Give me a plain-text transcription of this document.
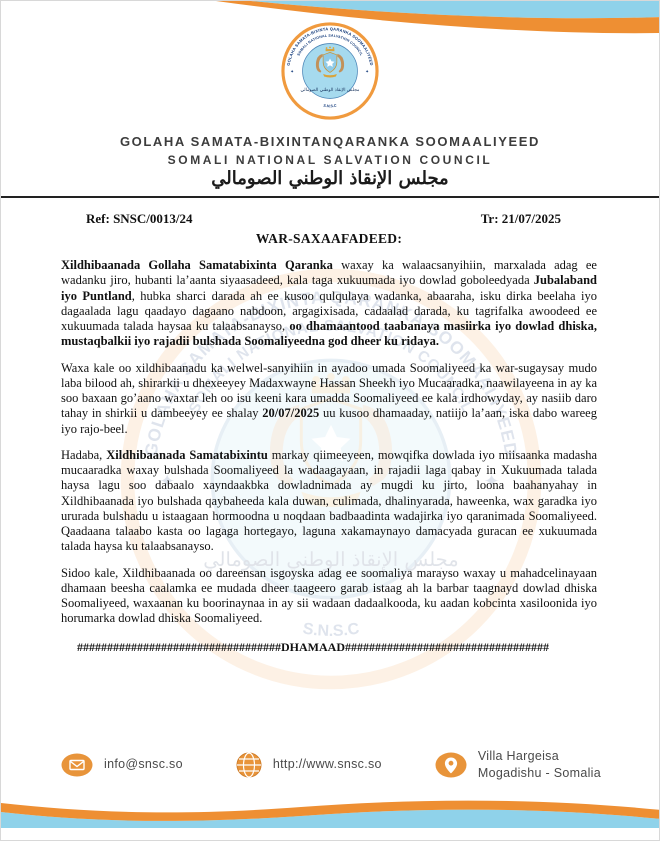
GOLAHA SAMATA-BIXINTANQARANKA SOOMAALIYEED
SOMALI NATIONAL SALVATION COUNCIL
مجلس الإنقاذ الوطني الصومالي
Ref: SNSC/0013/24	Tr: 21/07/2025
WAR-SAXAAFADEED:

Xildhibaanada Gollaha Samatabixinta Qaranka waxay ka walaacsanyihiin, marxalada adag ee wadanku jiro, hubanti la’aanta siyaasadeed, kala taga xukuumada iyo dowlad goboleedyada Jubalaband iyo Puntland, hubka sharci darada ah ee kusoo qulqulaya wadanka, abaaraha, isku dirka beelaha iyo dagaalada lagu qaadayo dagaano nabdoon, argagixisada, cadaalad darada, ku tagrifalka awoodeed ee xukuumada talada haysaa ku talaabsanayso, oo dhamaantood taabanaya masiirka iyo dowlad dhiska, mustaqbalkii iyo rajadii bulshada Soomaliyeedna god dheer ku ridaya.

Waxa kale oo xildhibaanadu ka welwel-sanyihiin in ayadoo umada Soomaliyeed ka war-sugaysay mudo laba bilood ah, shirarkii u dhexeeyey Madaxwayne Hassan Sheekh iyo Mucaaradka, naawilayeena in ay ka soo baxaan go’aano waxtar leh oo isu keeni kara umadda Soomaliyeed ee kala irdhowyday, ay nasiib daro tahay in shirkii u dambeeyey ee shalay 20/07/2025 uu kusoo dhamaaday, natiijo la’aan, iska dabo wareeg iyo rajo-beel.

Hadaba, Xildhibaanada Samatabixintu markay qiimeeyeen, mowqifka dowlada iyo miisaanka madasha mucaaradka waxay bulshada Soomaliyeed la wadaagayaan, in rajadii laga qabay in Xukuumada talada haysa lagu soo dabaalo xayndaakbka dowladnimada ay mugdi ku jirto, loona baahanyahay in Xildhibaanada iyo bulshada qaybaheeda kala duwan, culimada, dhalinyarada, haweenka, wax garadka iyo ururada bulshadu u istaagaan hormoodna u noqdaan badbaadinta wadajirka iyo qaranimada Soomaliyeed. Qaadaana talaabo kasta oo lagaga hortegayo, laguna xakamaynayo damacyada guracan ee xukuumada talada haysa ku talaabsanayso.

Sidoo kale, Xildhibaanada oo dareensan isgoyska adag ee soomaliya marayso waxay u mahadcelinayaan dhamaan beesha caalamka ee mudada dheer taageero garab istaag ah la barbar taagnayd dowlad dhiska Soomaliyeed, waxaanan ku boorinaynaa in ay sii wadaan dadaalkooda, ku aadan kobcinta xasiloonida iyo horumarka dowlad dhiska Soomaliyeed.

##################################DHAMAAD##################################
info@snsc.so	http://www.snsc.so
Villa Hargeisa
Mogadishu - Somalia
